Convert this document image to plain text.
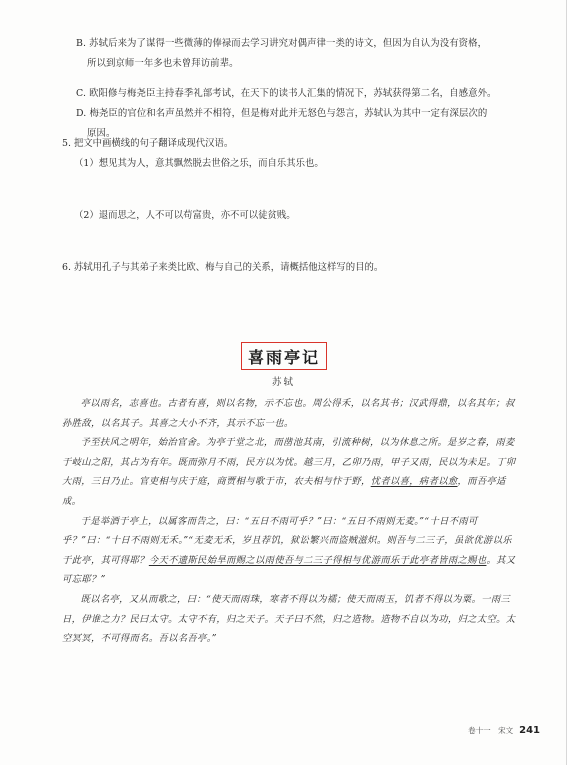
B. 苏轼后来为了谋得一些微薄的俸禄而去学习讲究对偶声律一类的诗文，但因为自认为没有资格，
所以到京师一年多也未曾拜访前辈。
C. 欧阳修与梅尧臣主持春季礼部考试，在天下的读书人汇集的情况下，苏轼获得第二名，自感意外。
D. 梅尧臣的官位和名声虽然并不相符，但是梅对此并无怒色与怨言，苏轼认为其中一定有深层次的
原因。
5. 把文中画横线的句子翻译成现代汉语。
（1）想见其为人，意其飘然脱去世俗之乐，而自乐其乐也。
（2）退而思之，人不可以苟富贵，亦不可以徒贫贱。
6. 苏轼用孔子与其弟子来类比欧、梅与自己的关系，请概括他这样写的目的。
喜雨亭记
苏轼

亭以雨名，志喜也。古者有喜，则以名物，示不忘也。周公得禾，以名其书；汉武得鼎，以名其年；叔孙胜敌，以名其子。其喜之大小不齐，其示不忘一也。

予至扶风之明年，始治官舍。为亭于堂之北，而凿池其南，引流种树，以为休息之所。是岁之春，雨麦于岐山之阳，其占为有年。既而弥月不雨，民方以为忧。越三月，乙卯乃雨，甲子又雨，民以为未足。丁卯大雨，三日乃止。官吏相与庆于庭，商贾相与歌于市，农夫相与忭于野，忧者以喜，病者以愈，而吾亭适成。

于是举酒于亭上，以属客而告之，曰：“五日不雨可乎？”曰：“五日不雨则无麦。”“十日不雨可乎？”曰：“十日不雨则无禾。”“无麦无禾，岁且荐饥，狱讼繁兴而盗贼滋炽。则吾与二三子，虽欲优游以乐于此亭，其可得耶？今天不遗斯民始旱而赐之以雨使吾与二三子得相与优游而乐于此亭者皆雨之赐也。其又可忘耶？”

既以名亭，又从而歌之，曰：“使天而雨珠，寒者不得以为襦；使天而雨玉，饥者不得以为粟。一雨三日，伊谁之力？民曰太守。太守不有，归之天子。天子曰不然，归之造物。造物不自以为功，归之太空。太空冥冥，不可得而名。吾以名吾亭。”

卷十一　宋文 241
